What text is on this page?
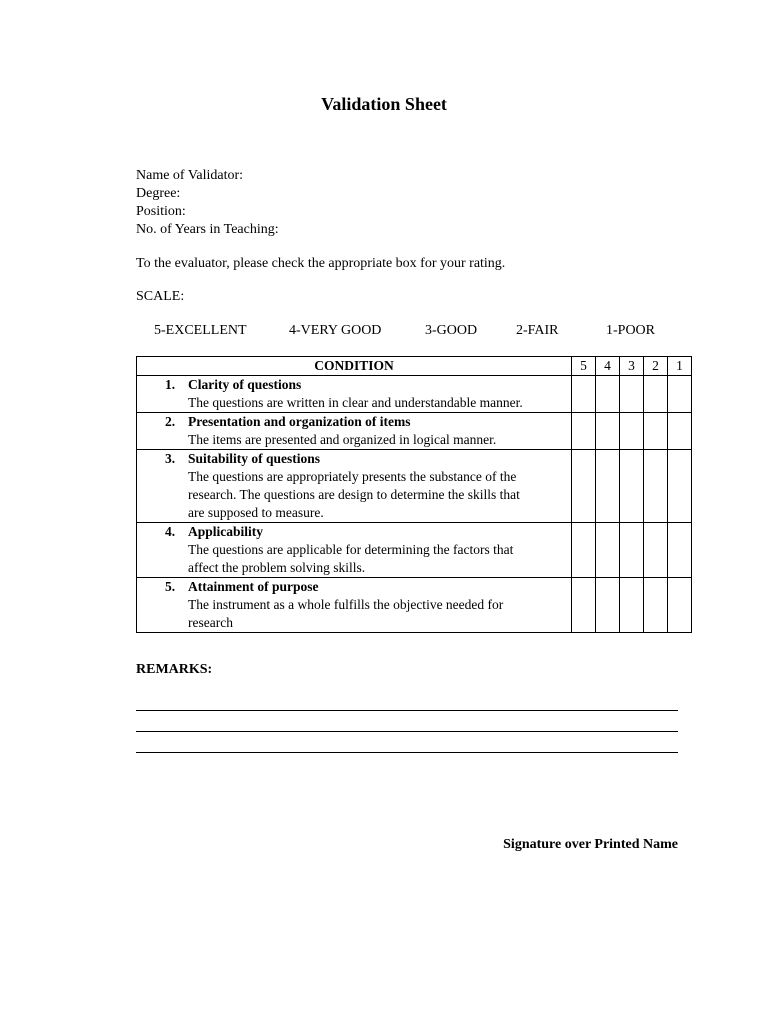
Validation Sheet
Name of Validator:
Degree:
Position:
No. of Years in Teaching:
To the evaluator, please check the appropriate box for your rating.
SCALE:
5-EXCELLENT	4-VERY GOOD	3-GOOD	2-FAIR	1-POOR
CONDITION	5	4	3	2	1

1. Clarity of questions
The questions are written in clear and understandable manner.					

2. Presentation and organization of items
The items are presented and organized in logical manner.					

3. Suitability of questions
The questions are appropriately presents the substance of the
research. The questions are design to determine the skills that
are supposed to measure.					

4. Applicability
The questions are applicable for determining the factors that
affect the problem solving skills.					

5. Attainment of purpose
The instrument as a whole fulfills the objective needed for
research					

REMARKS:
Signature over Printed Name
